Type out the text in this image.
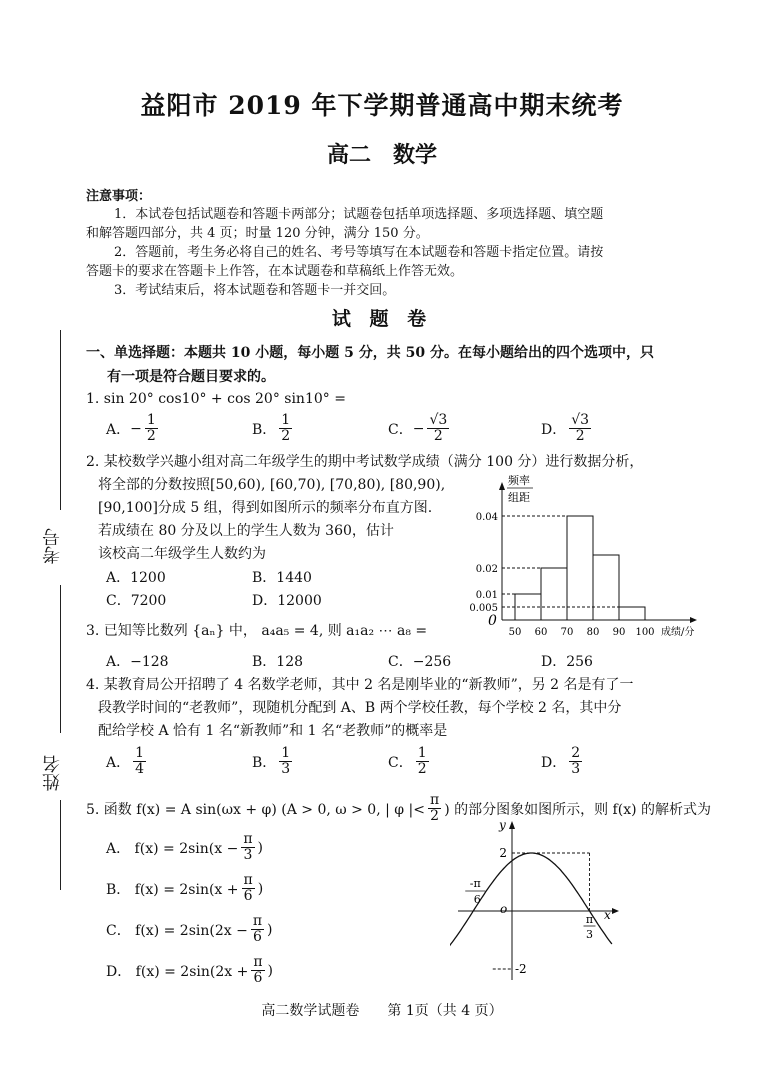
益阳市 2019 年下学期普通高中期末统考
高二　数学
注意事项：
1．本试卷包括试题卷和答题卡两部分；试题卷包括单项选择题、多项选择题、填空题
和解答题四部分，共 4 页；时量 120 分钟，满分 150 分。
2．答题前，考生务必将自己的姓名、考号等填写在本试题卷和答题卡指定位置。请按
答题卡的要求在答题卡上作答，在本试题卷和草稿纸上作答无效。
3．考试结束后，将本试题卷和答题卡一并交回。
试 题 卷
考号
姓名
一、单选择题：本题共 10 小题，每小题 5 分，共 50 分。在每小题给出的四个选项中，只
有一项是符合题目要求的。
1. sin 20° cos10° + cos 20° sin10° =
A． − $\frac{1}{2}$	B． $\frac{1}{2}$	C． − $\frac{√3}{2}$	D． $\frac{√3}{2}$
2. 某校数学兴趣小组对高二年级学生的期中考试数学成绩（满分 100 分）进行数据分析，
将全部的分数按照[50,60), [60,70), [70,80), [80,90),
[90,100]分成 5 组，得到如图所示的频率分布直方图.
若成绩在 80 分及以上的学生人数为 360，估计
该校高二年级学生人数约为
A．1200	B．1440
C．7200	D．12000
频率
组距
0.04
0.02
0.01
0.005
50 60 70 80 90 100
0
成绩/分
3. 已知等比数列 {aₙ} 中， a₄a₅ = 4, 则 a₁a₂ ⋯ a₈ =
A．−128	B．128	C．−256	D．256
4. 某教育局公开招聘了 4 名数学老师，其中 2 名是刚毕业的“新教师”，另 2 名是有了一
段教学时间的“老教师”，现随机分配到 A、B 两个学校任教，每个学校 2 名，其中分
配给学校 A 恰有 1 名“新教师”和 1 名“老教师”的概率是
A． $\frac{1}{4}$	B． $\frac{1}{3}$	C． $\frac{1}{2}$	D． $\frac{2}{3}$
5. 函数 f(x) = A sin(ωx + φ) (A > 0, ω > 0, | φ |< $\frac{\pi}{2}$ ) 的部分图象如图所示，则 f(x) 的解析式为
A． $f(x) = 2\sin(x - \frac{\pi}{3}$ )
B． $f(x) = 2\sin(x + \frac{\pi}{6}$ )
C． $f(x) = 2\sin(2x - \frac{\pi}{6}$ )
D． $f(x) = 2\sin(2x + \frac{\pi}{6}$ )
y
x
o
2
-2
-π
6
π
3
高二数学试题卷　　第 1页（共 4 页）
